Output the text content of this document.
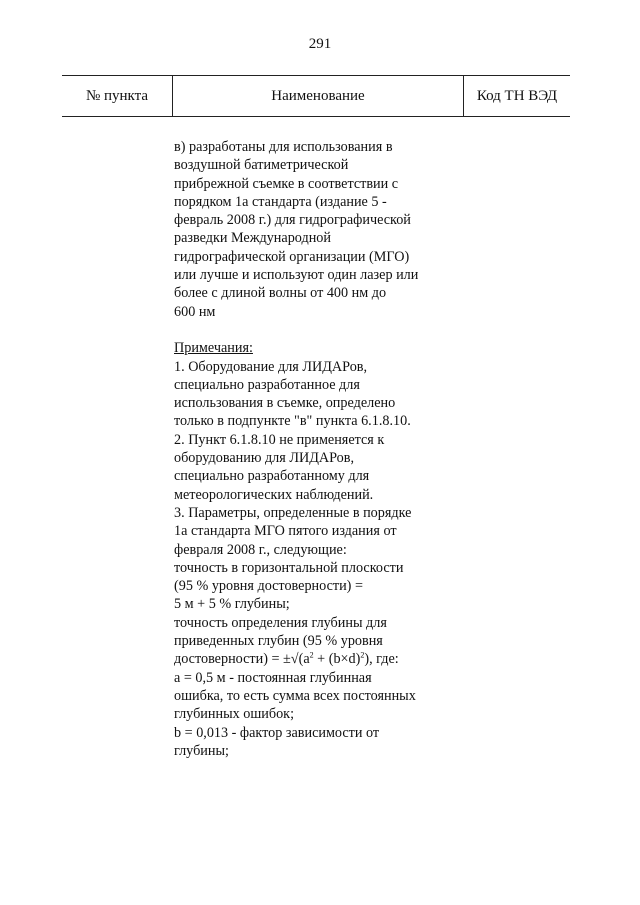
291
№ пункта	Наименование	Код ТН ВЭД
в) разработаны для использования в
воздушной батиметрической
прибрежной съемке в соответствии с
порядком 1а стандарта (издание 5 -
февраль 2008 г.) для гидрографической
разведки Международной
гидрографической организации (МГО)
или лучше и используют один лазер или
более с длиной волны от 400 нм до
600 нм
Примечания:
1. Оборудование для ЛИДАРов,
специально разработанное для
использования в съемке, определено
только в подпункте "в" пункта 6.1.8.10.
2. Пункт 6.1.8.10 не применяется к
оборудованию для ЛИДАРов,
специально разработанному для
метеорологических наблюдений.
3. Параметры, определенные в порядке
1а стандарта МГО пятого издания от
февраля 2008 г., следующие:
точность в горизонтальной плоскости
(95 % уровня достоверности) =
5 м + 5 % глубины;
точность определения глубины для
приведенных глубин (95 % уровня
достоверности) = $\pm√(a^2 + (b\times d)^2)$, где:
a = 0,5 м - постоянная глубинная
ошибка, то есть сумма всех постоянных
глубинных ошибок;
b = 0,013 - фактор зависимости от
глубины;
